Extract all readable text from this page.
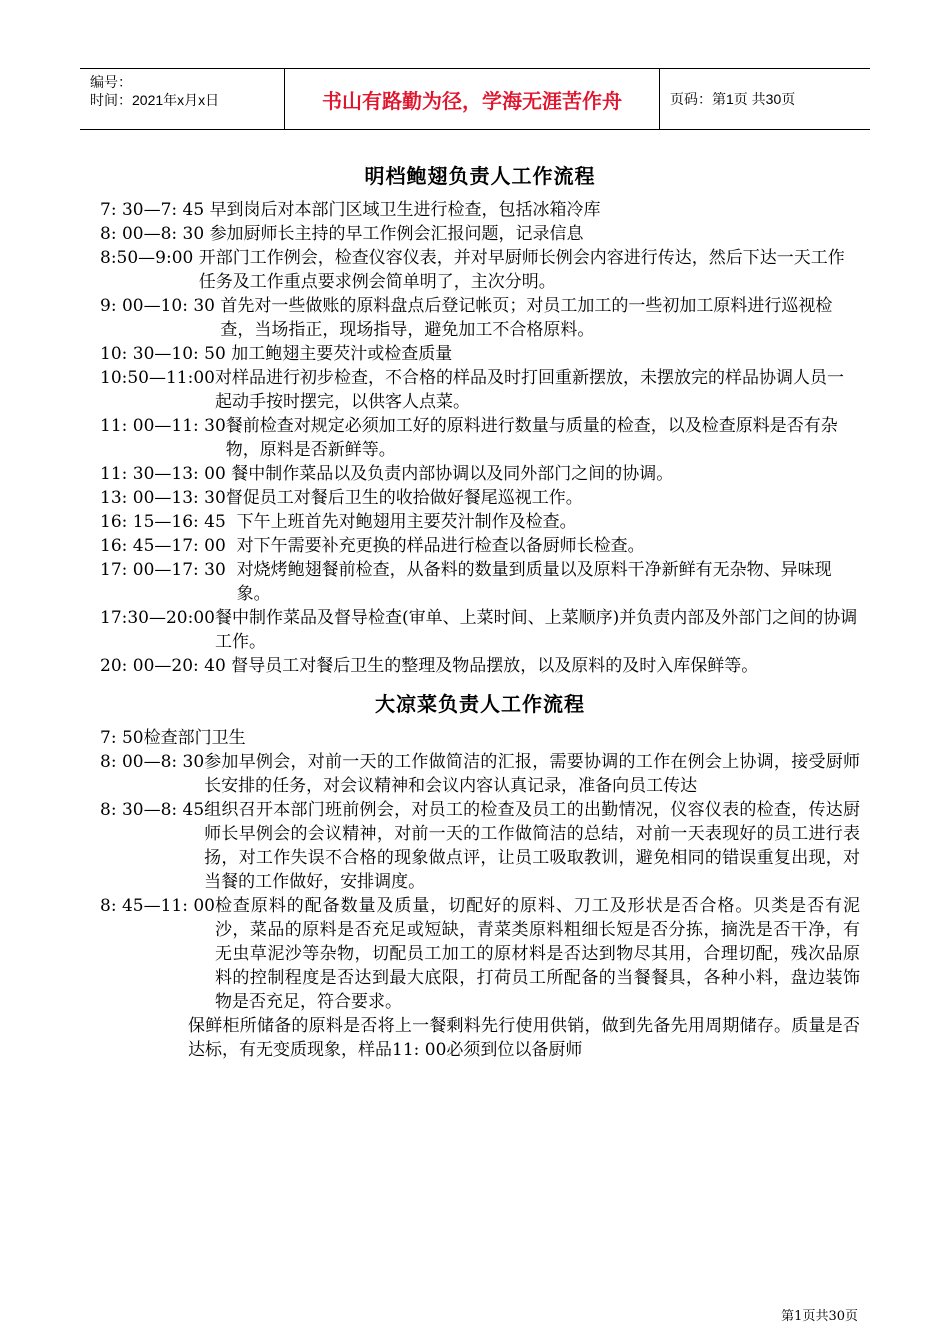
编号：
时间：2021年x月x日	书山有路勤为径，学海无涯苦作舟	页码：第1页 共30页
明档鲍翅负责人工作流程
7: 30—7: 45 早到岗后对本部门区域卫生进行检查，包括冰箱冷库
8: 00—8: 30 参加厨师长主持的早工作例会汇报问题，记录信息
8:50—9:00 开部门工作例会，检查仪容仪表，并对早厨师长例会内容进行传达，然后下达一天工作任务及工作重点要求例会简单明了，主次分明。
9: 00—10: 30 首先对一些做账的原料盘点后登记帐页；对员工加工的一些初加工原料进行巡视检查，当场指正，现场指导，避免加工不合格原料。
10: 30—10: 50 加工鲍翅主要芡汁或检查质量
10:50—11:00 对样品进行初步检查，不合格的样品及时打回重新摆放，未摆放完的样品协调人员一起动手按时摆完，以供客人点菜。
11: 00—11: 30 餐前检查对规定必须加工好的原料进行数量与质量的检查，以及检查原料是否有杂物，原料是否新鲜等。
11: 30—13: 00 餐中制作菜品以及负责内部协调以及同外部门之间的协调。
13: 00—13: 30 督促员工对餐后卫生的收拾做好餐尾巡视工作。
16: 15—16: 45 下午上班首先对鲍翅用主要芡汁制作及检查。
16: 45—17: 00 对下午需要补充更换的样品进行检查以备厨师长检查。
17: 00—17: 30 对烧烤鲍翅餐前检查，从备料的数量到质量以及原料干净新鲜有无杂物、异味现象。
17:30—20:00 餐中制作菜品及督导检查(审单、上菜时间、上菜顺序)并负责内部及外部门之间的协调工作。
20: 00—20: 40 督导员工对餐后卫生的整理及物品摆放，以及原料的及时入库保鲜等。
大凉菜负责人工作流程
7: 50 检查部门卫生
8: 00—8: 30 参加早例会，对前一天的工作做简洁的汇报，需要协调的工作在例会上协调，接受厨师长安排的任务，对会议精神和会议内容认真记录，准备向员工传达
8: 30—8: 45 组织召开本部门班前例会，对员工的检查及员工的出勤情况，仪容仪表的检查，传达厨师长早例会的会议精神，对前一天的工作做简洁的总结，对前一天表现好的员工进行表扬，对工作失误不合格的现象做点评，让员工吸取教训，避免相同的错误重复出现，对当餐的工作做好，安排调度。
8: 45—11: 00 检查原料的配备数量及质量，切配好的原料、刀工及形状是否合格。贝类是否有泥沙，菜品的原料是否充足或短缺，青菜类原料粗细长短是否分拣，摘洗是否干净，有无虫草泥沙等杂物，切配员工加工的原材料是否达到物尽其用，合理切配，残次品原料的控制程度是否达到最大底限，打荷员工所配备的当餐餐具，各种小料，盘边装饰物是否充足，符合要求。
保鲜柜所储备的原料是否将上一餐剩料先行使用供销，做到先备先用周期储存。质量是否达标，有无变质现象，样品11: 00必须到位以备厨师
第1页共30页
